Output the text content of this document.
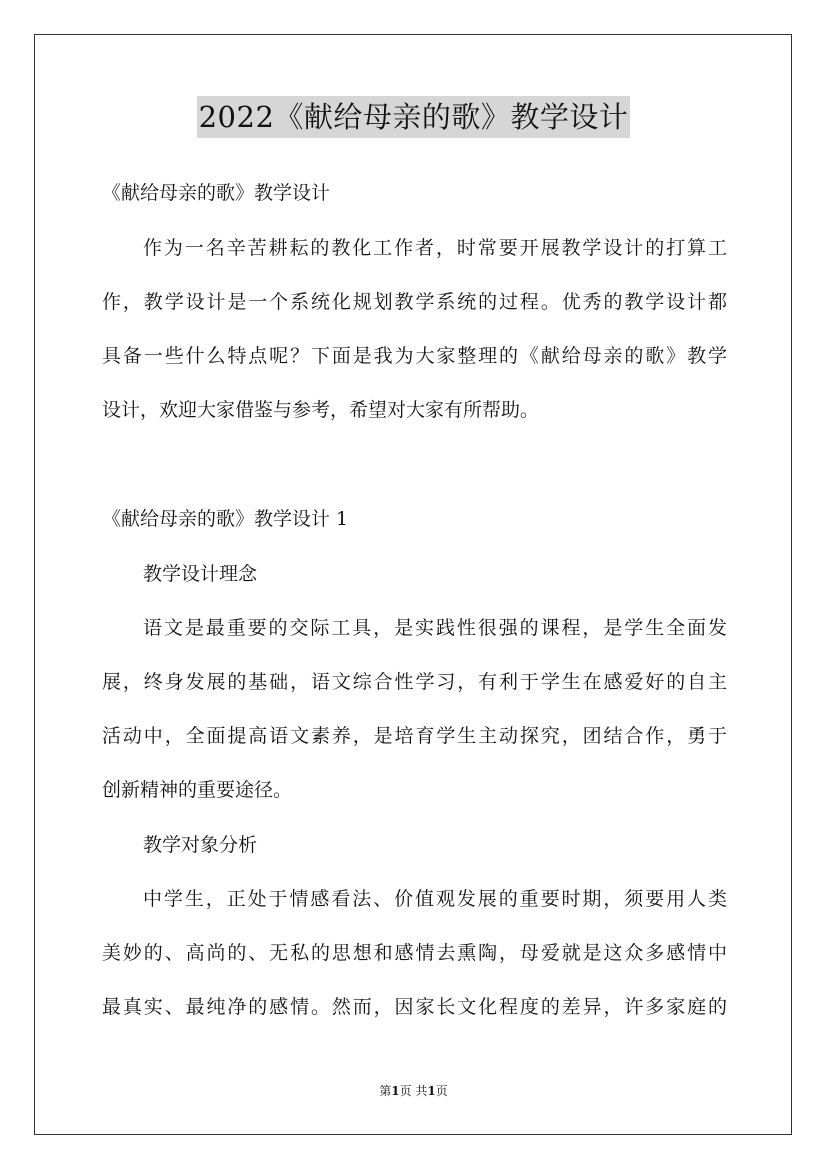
2022《献给母亲的歌》教学设计
《献给母亲的歌》教学设计
作为一名辛苦耕耘的教化工作者，时常要开展教学设计的打算工
作，教学设计是一个系统化规划教学系统的过程。优秀的教学设计都
具备一些什么特点呢？下面是我为大家整理的《献给母亲的歌》教学
设计，欢迎大家借鉴与参考，希望对大家有所帮助。
《献给母亲的歌》教学设计 1
教学设计理念
语文是最重要的交际工具，是实践性很强的课程，是学生全面发
展，终身发展的基础，语文综合性学习，有利于学生在感爱好的自主
活动中，全面提高语文素养，是培育学生主动探究，团结合作，勇于
创新精神的重要途径。
教学对象分析
中学生，正处于情感看法、价值观发展的重要时期，须要用人类
美妙的、高尚的、无私的思想和感情去熏陶，母爱就是这众多感情中
最真实、最纯净的感情。然而，因家长文化程度的差异，许多家庭的
第1页 共1页
